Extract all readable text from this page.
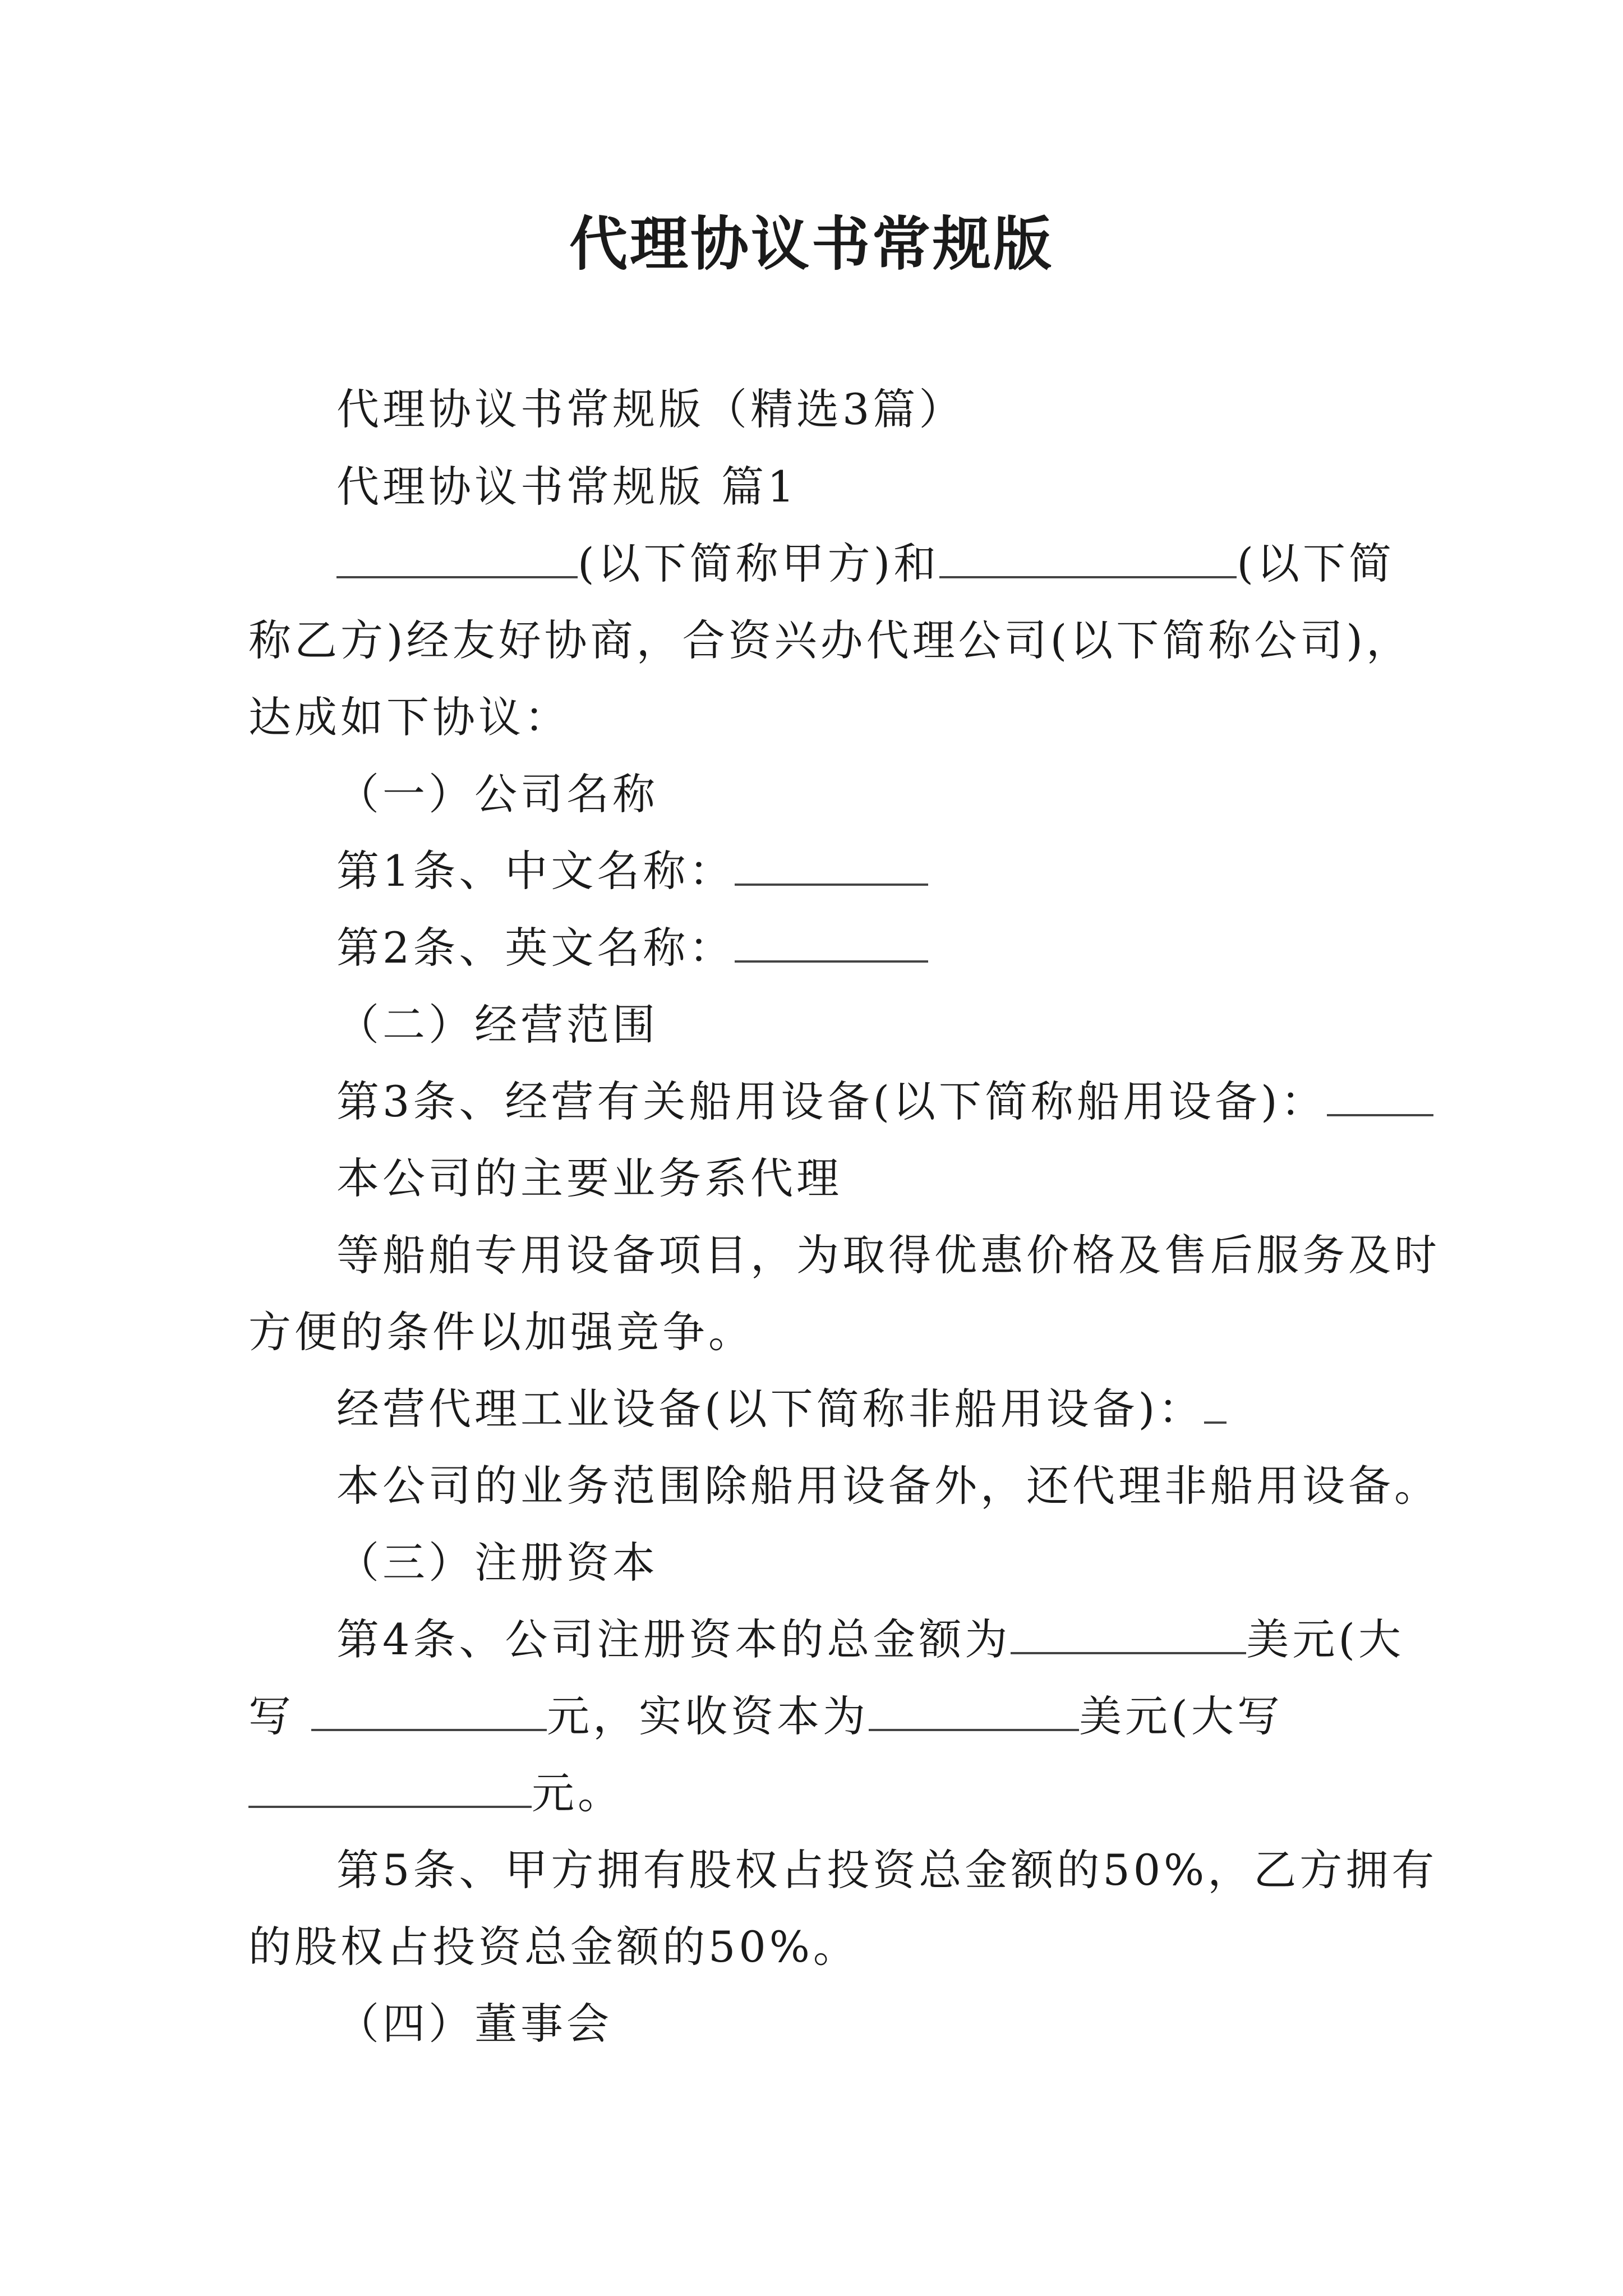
代理协议书常规版

代理协议书常规版（精选3篇）

代理协议书常规版 篇1

(以下简称甲方)和	(以下简

称乙方)经友好协商，合资兴办代理公司(以下简称公司)，

达成如下协议：

（一）公司名称

第1条、中文名称：

第2条、英文名称：

（二）经营范围

第3条、经营有关船用设备(以下简称船用设备)：

本公司的主要业务系代理

等船舶专用设备项目，为取得优惠价格及售后服务及时

方便的条件以加强竞争。

经营代理工业设备(以下简称非船用设备)：

本公司的业务范围除船用设备外，还代理非船用设备。

（三）注册资本

第4条、公司注册资本的总金额为	美元(大

写	元，实收资本为	美元(大写

元。

第5条、甲方拥有股权占投资总金额的50%，乙方拥有

的股权占投资总金额的50%。

（四）董事会
